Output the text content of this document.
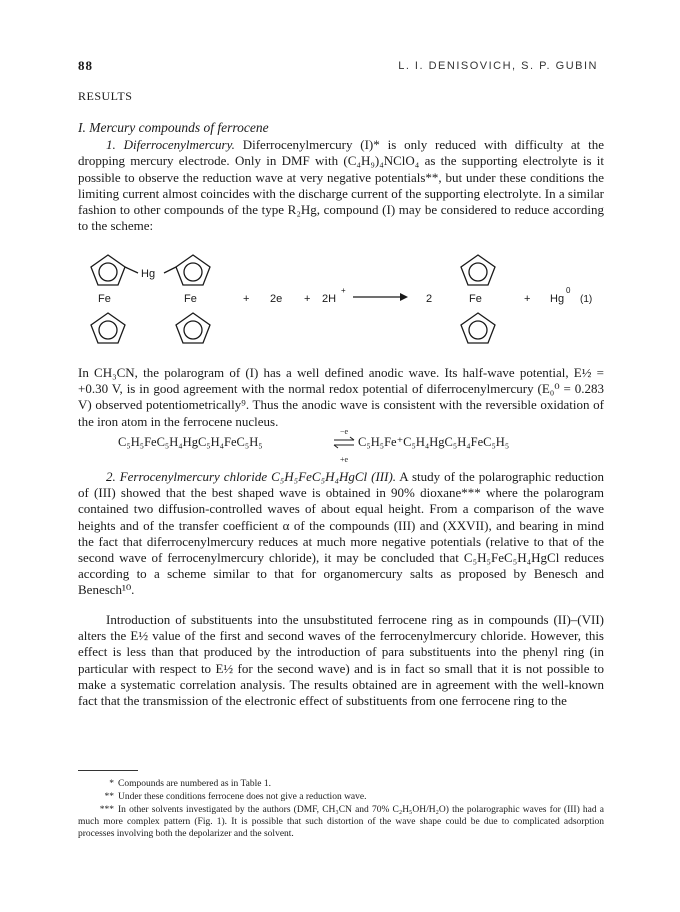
88	L. I. DENISOVICH, S. P. GUBIN
RESULTS
I. Mercury compounds of ferrocene
1. Diferrocenylmercury. Diferrocenylmercury (I)* is only reduced with difficulty at the dropping mercury electrode. Only in DMF with (C₄H₉)₄NClO₄ as the supporting electrolyte is it possible to observe the reduction wave at very negative potentials**, but under these conditions the limiting current almost coincides with the discharge current of the supporting electrolyte. In a similar fashion to other compounds of the type R₂Hg, compound (I) may be considered to reduce according to the scheme:
Hg
Fe	Fe	+ 2e + 2H
+
2	Fe	+ Hg
0
(1)
In CH₃CN, the polarogram of (I) has a well defined anodic wave. Its half-wave potential, E½ = +0.30 V, is in good agreement with the normal redox potential of diferrocenylmercury (E₀⁰ = 0.283 V) observed potentiometrically⁹. Thus the anodic wave is consistent with the reversible oxidation of the iron atom in the ferrocene nucleus.
C₅H₅FeC₅H₄HgC₅H₄FeC₅H₅
−e
+e
C₅H₅Fe⁺C₅H₄HgC₅H₄FeC₅H₅
2. Ferrocenylmercury chloride C₅H₅FeC₅H₄HgCl (III). A study of the polarographic reduction of (III) showed that the best shaped wave is obtained in 90% dioxane*** where the polarogram contained two diffusion-controlled waves of about equal height. From a comparison of the wave heights and of the transfer coefficient α of the compounds (III) and (XXVII), and bearing in mind the fact that diferrocenylmercury reduces at much more negative potentials (relative to that of the second wave of ferrocenylmercury chloride), it may be concluded that C₅H₅FeC₅H₄HgCl reduces according to a scheme similar to that for organomercury salts as proposed by Benesch and Benesch¹⁰.
Introduction of substituents into the unsubstituted ferrocene ring as in compounds (II)–(VII) alters the E½ value of the first and second waves of the ferrocenylmercury chloride. However, this effect is less than that produced by the introduction of para substituents into the phenyl ring (in particular with respect to E½ for the second wave) and is in fact so small that it is not possible to make a systematic correlation analysis. The results obtained are in agreement with the well-known fact that the transmission of the electronic effect of substituents from one ferrocene ring to the
* Compounds are numbered as in Table 1.
** Under these conditions ferrocene does not give a reduction wave.
*** In other solvents investigated by the authors (DMF, CH₃CN and 70% C₂H₅OH/H₂O) the polarographic waves for (III) had a much more complex pattern (Fig. 1). It is possible that such distortion of the wave shape could be due to complicated adsorption processes involving both the depolarizer and the solvent.
